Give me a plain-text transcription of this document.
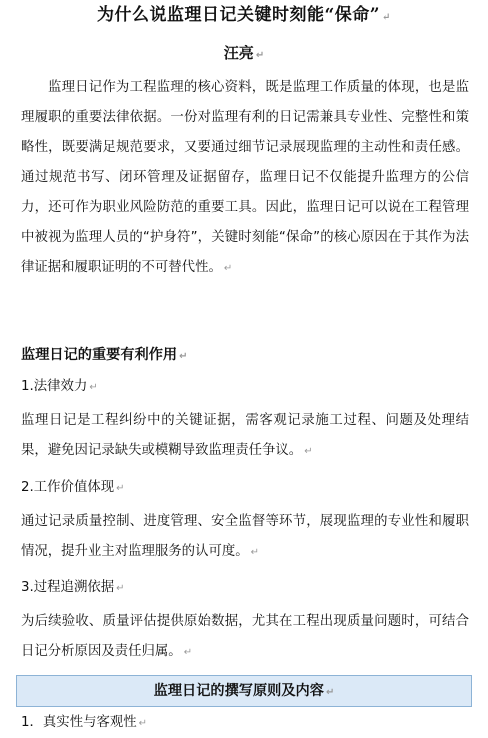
为什么说监理日记关键时刻能“保命” ↵
汪亮 ↵
监理日记作为工程监理的核心资料，既是监理工作质量的体现，也是监理履职的重要法律依据。一份对监理有利的日记需兼具专业性、完整性和策略性，既要满足规范要求，又要通过细节记录展现监理的主动性和责任感。通过规范书写、闭环管理及证据留存，监理日记不仅能提升监理方的公信力，还可作为职业风险防范的重要工具。因此，监理日记可以说在工程管理中被视为监理人员的“护身符”，关键时刻能“保命”的核心原因在于其作为法律证据和履职证明的不可替代性。 ↵
监理日记的重要有利作用 ↵
1.法律效力 ↵
监理日记是工程纠纷中的关键证据，需客观记录施工过程、问题及处理结果，避免因记录缺失或模糊导致监理责任争议。 ↵
2.工作价值体现 ↵
通过记录质量控制、进度管理、安全监督等环节，展现监理的专业性和履职情况，提升业主对监理服务的认可度。 ↵
3.过程追溯依据 ↵
为后续验收、质量评估提供原始数据，尤其在工程出现质量问题时，可结合日记分析原因及责任归属。 ↵
监理日记的撰写原则及内容 ↵
1．真实性与客观性 ↵
